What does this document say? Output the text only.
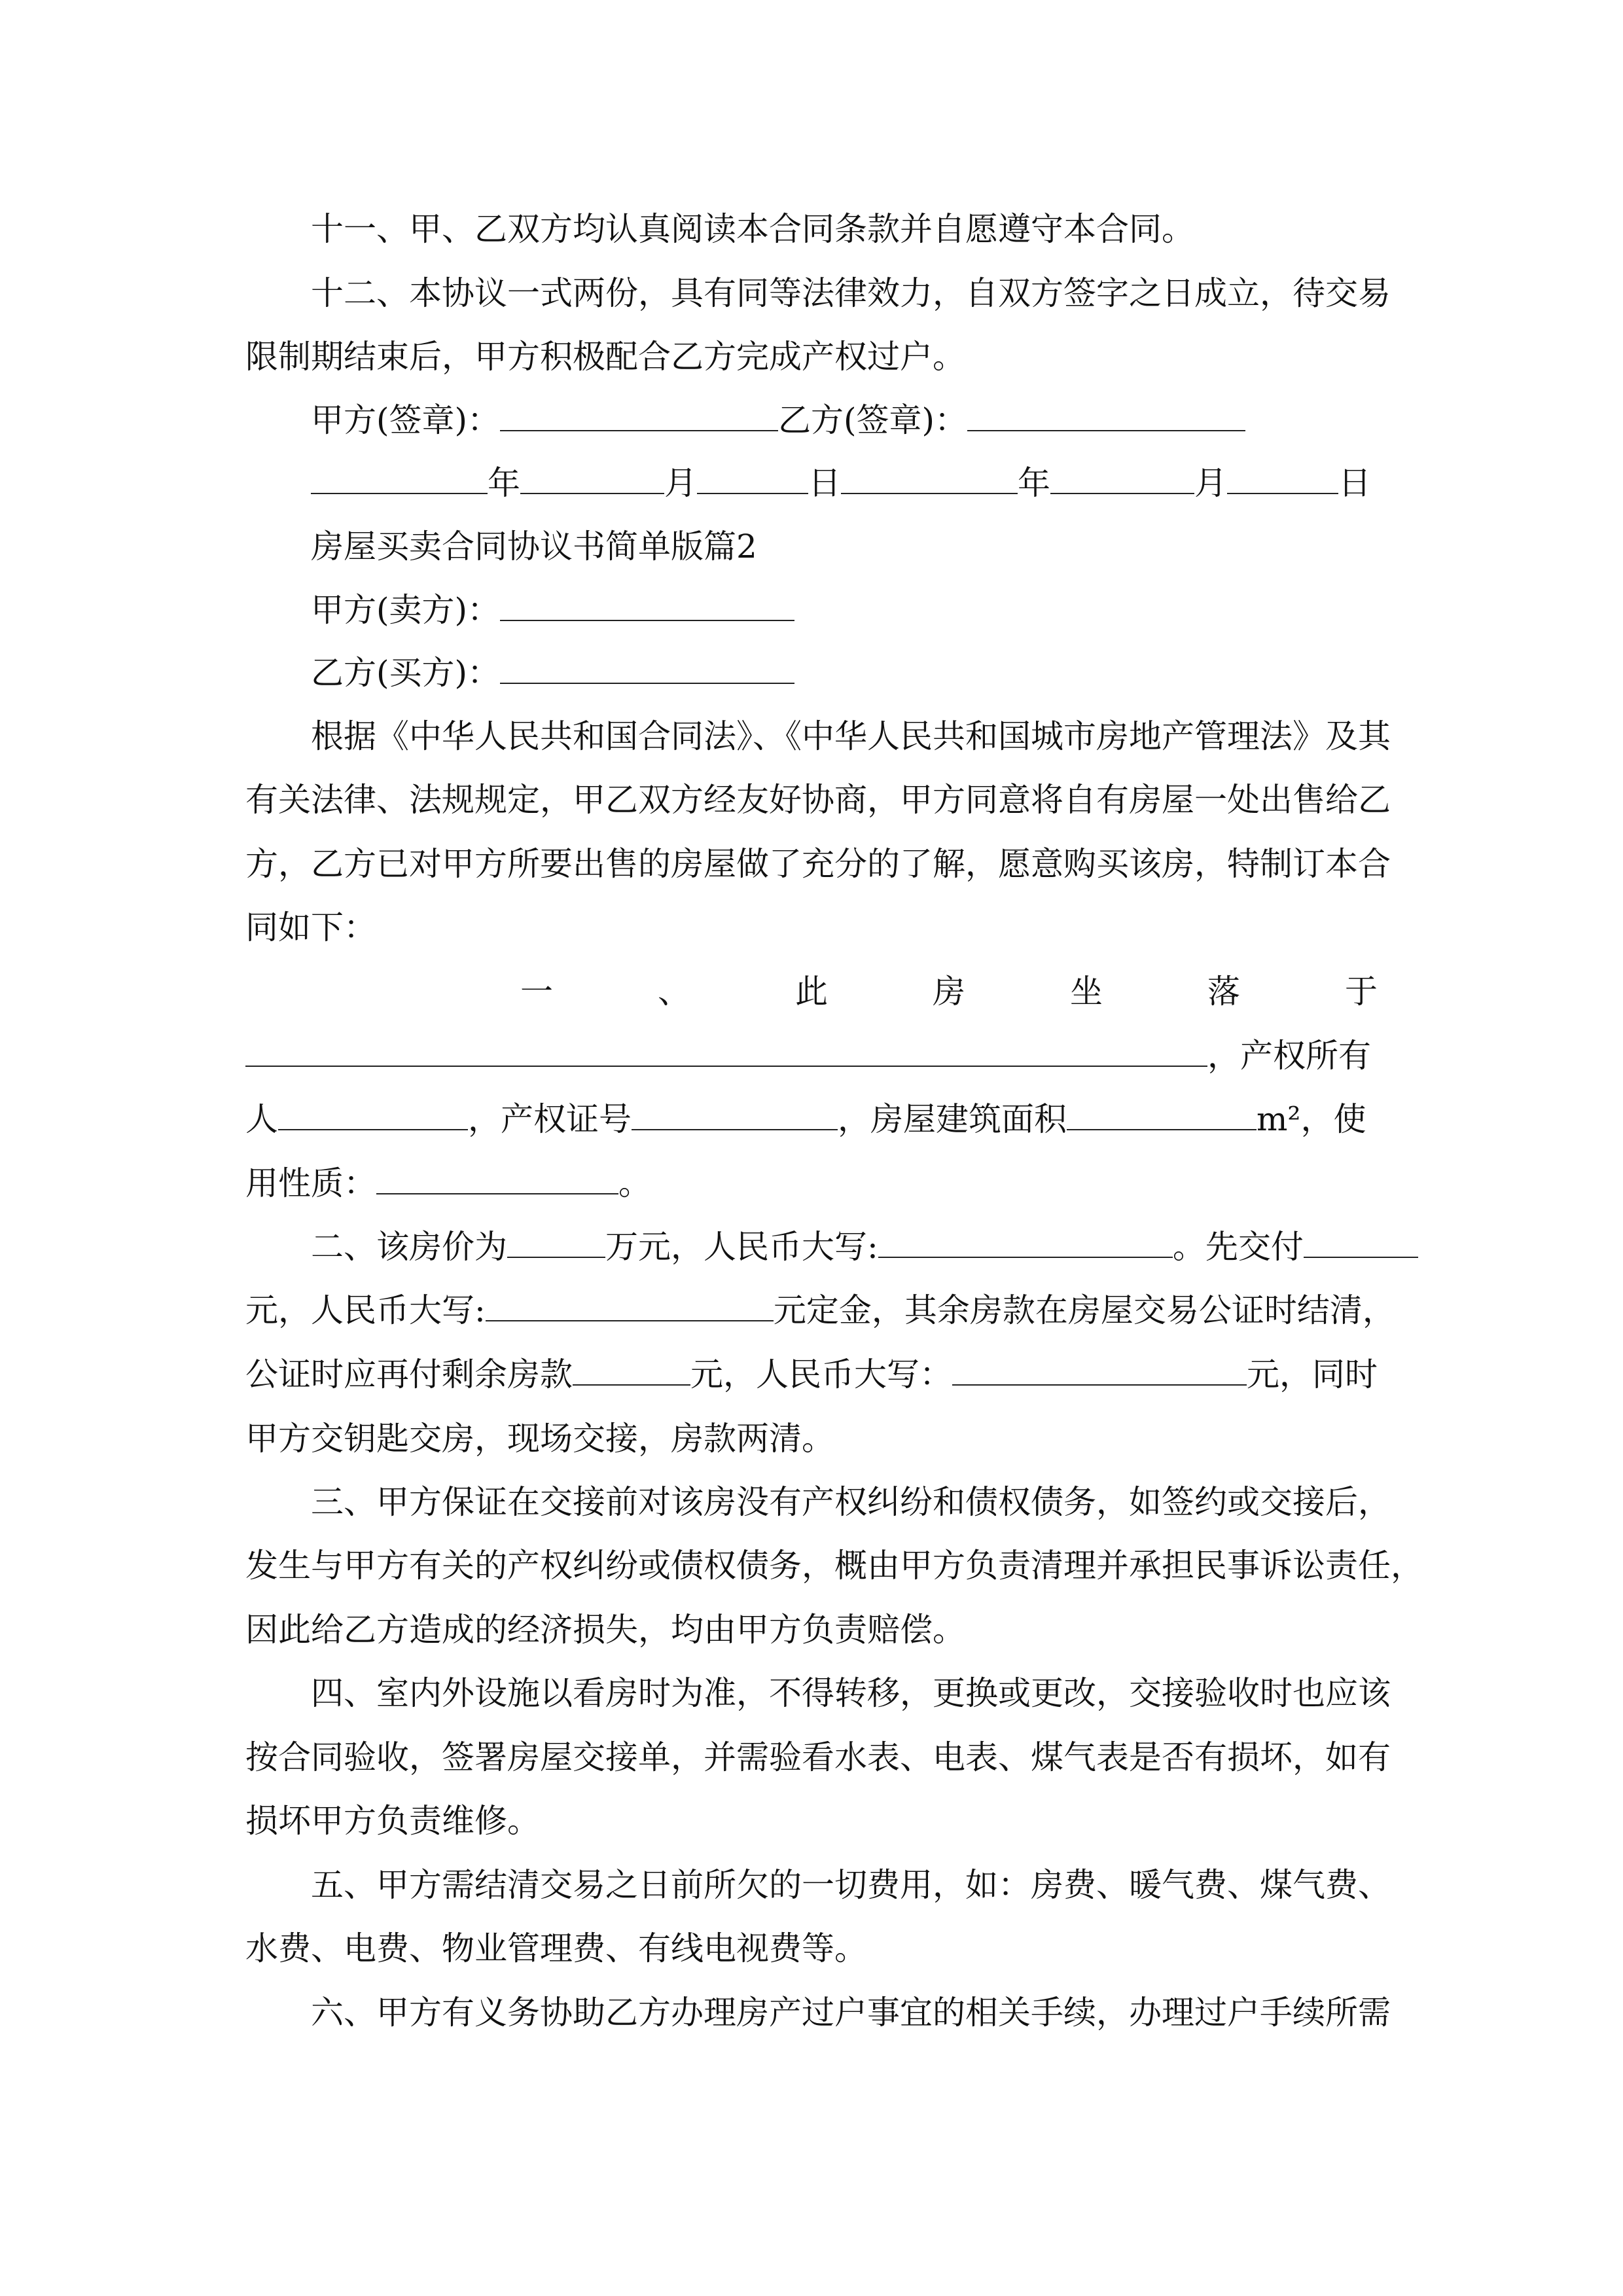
十一、甲、乙双方均认真阅读本合同条款并自愿遵守本合同。
十二、本协议一式两份，具有同等法律效力，自双方签字之日成立，待交易
限制期结束后，甲方积极配合乙方完成产权过户。
甲方(签章)：	乙方(签章)：
年	月	日	年	月	日
房屋买卖合同协议书简单版篇2
甲方(卖方)：
乙方(买方)：
根据《中华人民共和国合同法》、《中华人民共和国城市房地产管理法》及其
有关法律、法规规定，甲乙双方经友好协商，甲方同意将自有房屋一处出售给乙
方，乙方已对甲方所要出售的房屋做了充分的了解，愿意购买该房，特制订本合
同如下：
一	、	此	房	坐	落	于
，产权所有
人	，产权证号	，房屋建筑面积	m²，使
用性质：	。
二、该房价为	万元，人民币大写:	。先交付
元，人民币大写:	元定金，其余房款在房屋交易公证时结清，
公证时应再付剩余房款	元，人民币大写：	元，同时
甲方交钥匙交房，现场交接，房款两清。
三、甲方保证在交接前对该房没有产权纠纷和债权债务，如签约或交接后，
发生与甲方有关的产权纠纷或债权债务，概由甲方负责清理并承担民事诉讼责任，
因此给乙方造成的经济损失，均由甲方负责赔偿。
四、室内外设施以看房时为准，不得转移，更换或更改，交接验收时也应该
按合同验收，签署房屋交接单，并需验看水表、电表、煤气表是否有损坏，如有
损坏甲方负责维修。
五、甲方需结清交易之日前所欠的一切费用，如：房费、暖气费、煤气费、
水费、电费、物业管理费、有线电视费等。
六、甲方有义务协助乙方办理房产过户事宜的相关手续，办理过户手续所需
